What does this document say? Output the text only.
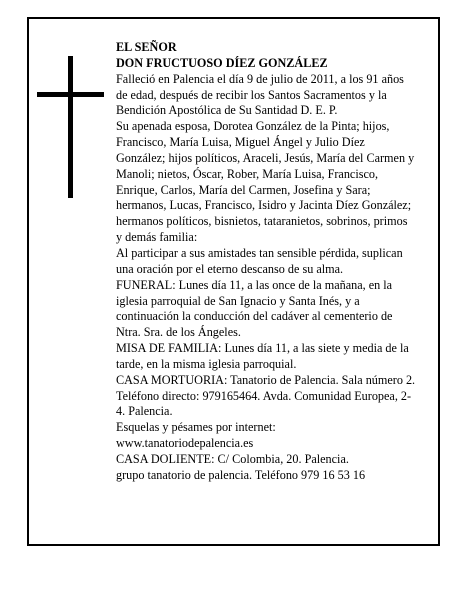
EL SEÑOR

DON FRUCTUOSO DÍEZ GONZÁLEZ

Falleció en Palencia el día 9 de julio de 2011, a los 91 años de edad, después de recibir los Santos Sacramentos y la Bendición Apostólica de Su Santidad D. E. P.

Su apenada esposa, Dorotea González de la Pinta; hijos, Francisco, María Luisa, Miguel Ángel y Julio Díez González; hijos políticos, Araceli, Jesús, María del Carmen y Manoli; nietos, Óscar, Rober, María Luisa, Francisco, Enrique, Carlos, María del Carmen, Josefina y Sara; hermanos, Lucas, Francisco, Isidro y Jacinta Díez González; hermanos políticos, bisnietos, tataranietos, sobrinos, primos y demás familia:

Al participar a sus amistades tan sensible pérdida, suplican una oración por el eterno descanso de su alma.

FUNERAL: Lunes día 11, a las once de la mañana, en la iglesia parroquial de San Ignacio y Santa Inés, y a continuación la conducción del cadáver al cementerio de Ntra. Sra. de los Ángeles.

MISA DE FAMILIA: Lunes día 11, a las siete y media de la tarde, en la misma iglesia parroquial.

CASA MORTUORIA: Tanatorio de Palencia. Sala número 2. Teléfono directo: 979165464. Avda. Comunidad Europea, 2-4. Palencia.

Esquelas y pésames por internet: www.tanatoriodepalencia.es

CASA DOLIENTE: C/ Colombia, 20. Palencia.

grupo tanatorio de palencia. Teléfono 979 16 53 16
